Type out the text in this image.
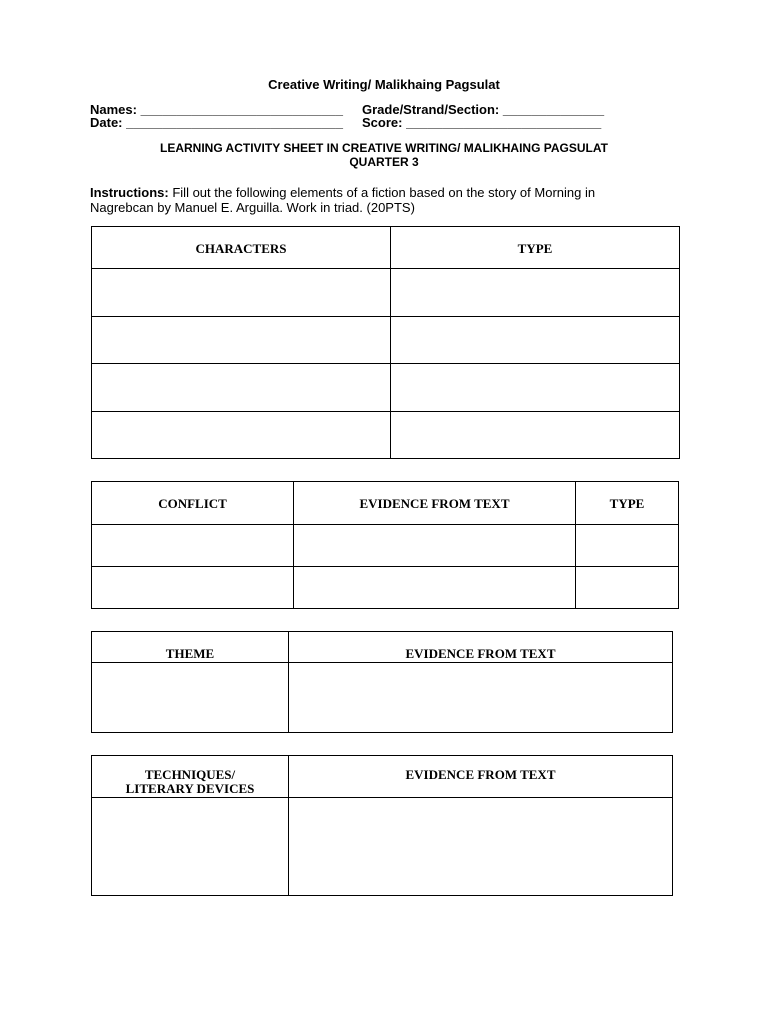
Creative Writing/ Malikhaing Pagsulat
Names: ____________________________ Grade/Strand/Section: ______________
Date: ______________________________ Score: ___________________________
LEARNING ACTIVITY SHEET IN CREATIVE WRITING/ MALIKHAING PAGSULAT
QUARTER 3
Instructions: Fill out the following elements of a fiction based on the story of Morning in Nagrebcan by Manuel E. Arguilla. Work in triad. (20PTS)
CHARACTERS	TYPE

CONFLICT	EVIDENCE FROM TEXT	TYPE

THEME	EVIDENCE FROM TEXT

TECHNIQUES/
LITERARY DEVICES	EVIDENCE FROM TEXT
